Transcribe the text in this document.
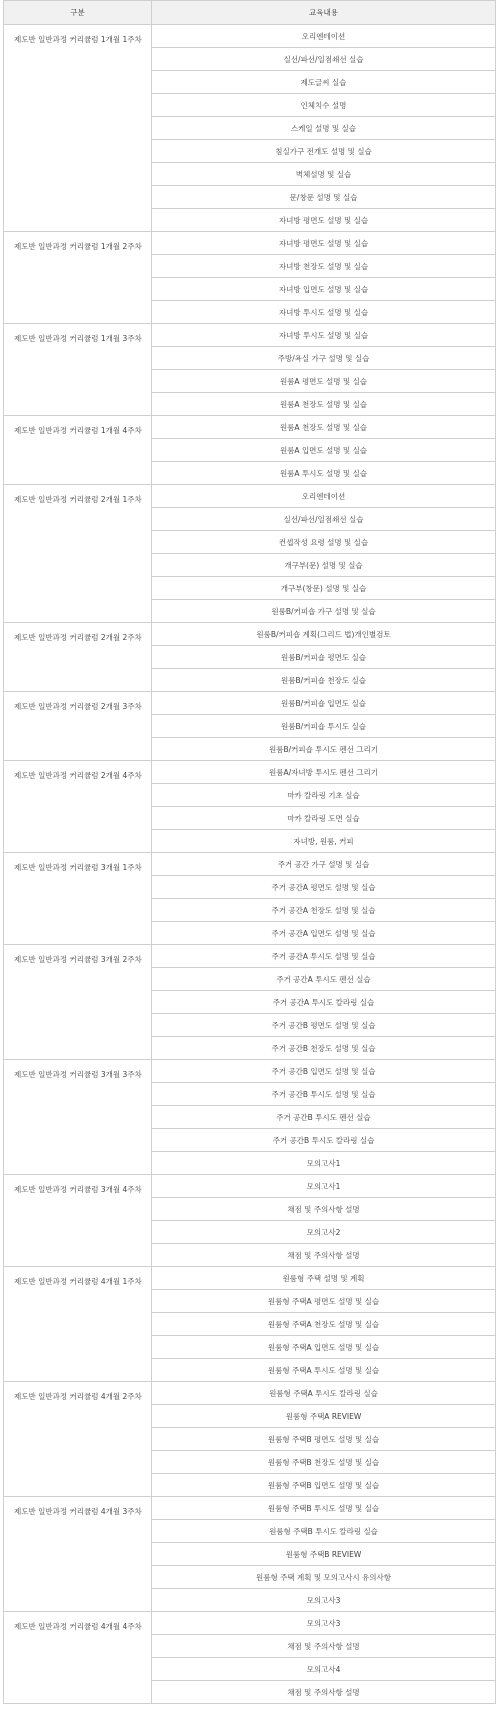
구분	교육내용
제도반 일반과정 커리큘럼 1개월 1주차	오리엔테이션
	실선/파선/일점쇄선 실습
	제도글씨 실습
	인체치수 설명
	스케일 설명 및 실습
	침실가구 전개도 설명 및 실습
	벽체설명 및 실습
	문/창문 설명 및 실습
	자녀방 평면도 설명 및 실습
제도반 일반과정 커리큘럼 1개월 2주차	자녀방 평면도 설명 및 실습
	자녀방 천장도 설명 및 실습
	자녀방 입면도 설명 및 실습
	자녀방 투시도 설명 및 실습
제도반 일반과정 커리큘럼 1개월 3주차	자녀방 투시도 설명 및 실습
	주방/욕실 가구 설명 및 실습
	원룸A 평면도 설명 및 실습
	원룸A 천장도 설명 및 실습
제도반 일반과정 커리큘럼 1개월 4주차	원룸A 천장도 설명 및 실습
	원룸A 입면도 설명 및 실습
	원룸A 투시도 설명 및 실습
제도반 일반과정 커리큘럼 2개월 1주차	오리엔테이션
	실선/파선/일점쇄선 실습
	컨셉작성 요령 설명 및 실습
	개구부(문) 설명 및 실습
	개구부(창문) 설명 및 실습
	원룸B/커피숍 가구 설명 및 실습
제도반 일반과정 커리큘럼 2개월 2주차	원룸B/커피숍 계획(그리드 법)개인별검토
	원룸B/커피숍 평면도 실습
	원룸B/커피숍 천장도 실습
제도반 일반과정 커리큘럼 2개월 3주차	원룸B/커피숍 입면도 실습
	원룸B/커피숍 투시도 실습
	원룸B/커피숍 투시도 펜선 그리기
제도반 일반과정 커리큘럼 2개월 4주차	원룸A/자녀방 투시도 펜선 그리기
	마카 칼라링 기초 실습
	마카 칼라링 도면 실습
	자녀방, 원룸, 커피
제도반 일반과정 커리큘럼 3개월 1주차	주거 공간 가구 설명 및 실습
	주거 공간A 평면도 설명 및 실습
	주거 공간A 천장도 설명 및 실습
	주거 공간A 입면도 설명 및 실습
제도반 일반과정 커리큘럼 3개월 2주차	주거 공간A 투시도 설명 및 실습
	주거 공간A 투시도 펜선 실습
	주거 공간A 투시도 칼라링 실습
	주거 공간B 평면도 설명 및 실습
	주거 공간B 천장도 설명 및 실습
제도반 일반과정 커리큘럼 3개월 3주차	주거 공간B 입면도 설명 및 실습
	주거 공간B 투시도 설명 및 실습
	주거 공간B 투시도 펜선 실습
	주거 공간B 투시도 칼라링 실습
	모의고사1
제도반 일반과정 커리큘럼 3개월 4주차	모의고사1
	채점 및 주의사항 설명
	모의고사2
	채점 및 주의사항 설명
제도반 일반과정 커리큘럼 4개월 1주차	원룸형 주택 설명 및 계획
	원룸형 주택A 평면도 설명 및 실습
	원룸형 주택A 천장도 설명 및 실습
	원룸형 주택A 입면도 설명 및 실습
	원룸형 주택A 투시도 설명 및 실습
제도반 일반과정 커리큘럼 4개월 2주차	원룸형 주택A 투시도 칼라링 실습
	원룸형 주택A REVIEW
	원룸형 주택B 평면도 설명 및 실습
	원룸형 주택B 천장도 설명 및 실습
	원룸형 주택B 입면도 설명 및 실습
제도반 일반과정 커리큘럼 4개월 3주차	원룸형 주택B 투시도 설명 및 실습
	원룸형 주택B 투시도 칼라링 실습
	원룸형 주택B REVIEW
	원룸형 주택 계획 및 모의고사시 유의사항
	모의고사3
제도반 일반과정 커리큘럼 4개월 4주차	모의고사3
	채점 및 주의사항 설명
	모의고사4
	채점 및 주의사항 설명
